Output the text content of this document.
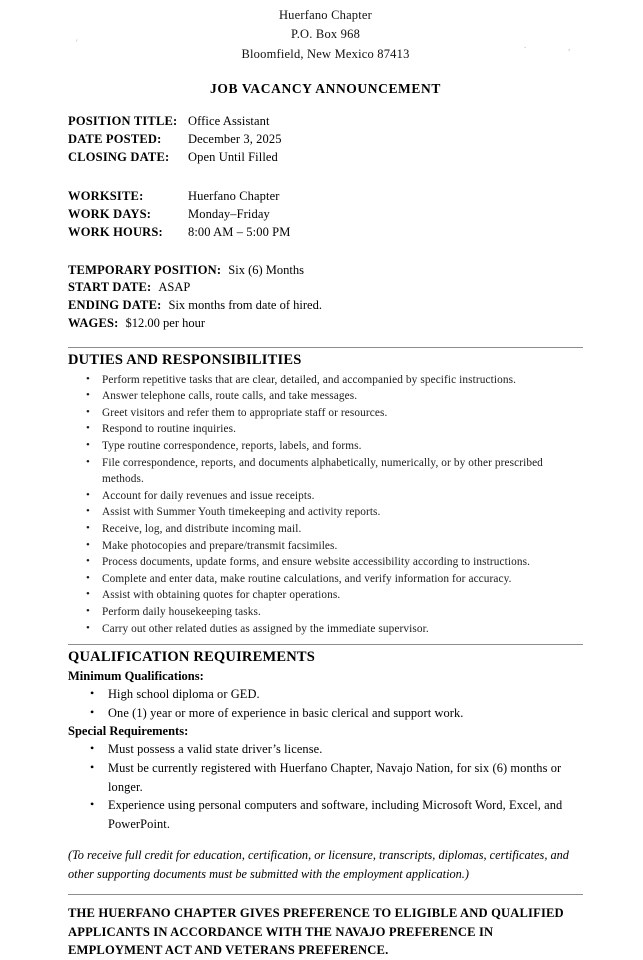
'	.	,
Huerfano Chapter
P.O. Box 968
Bloomfield, New Mexico 87413
JOB VACANCY ANNOUNCEMENT
POSITION TITLE: Office Assistant
DATE POSTED:	December 3, 2025
CLOSING DATE:	Open Until Filled
WORKSITE:	Huerfano Chapter
WORK DAYS:	Monday–Friday
WORK HOURS:	8:00 AM – 5:00 PM
TEMPORARY POSITION: Six (6) Months
START DATE: ASAP
ENDING DATE: Six months from date of hired.
WAGES: $12.00 per hour
DUTIES AND RESPONSIBILITIES
• Perform repetitive tasks that are clear, detailed, and accompanied by specific instructions.
• Answer telephone calls, route calls, and take messages.
• Greet visitors and refer them to appropriate staff or resources.
• Respond to routine inquiries.
• Type routine correspondence, reports, labels, and forms.
• File correspondence, reports, and documents alphabetically, numerically, or by other prescribed methods.
• Account for daily revenues and issue receipts.
• Assist with Summer Youth timekeeping and activity reports.
• Receive, log, and distribute incoming mail.
• Make photocopies and prepare/transmit facsimiles.
• Process documents, update forms, and ensure website accessibility according to instructions.
• Complete and enter data, make routine calculations, and verify information for accuracy.
• Assist with obtaining quotes for chapter operations.
• Perform daily housekeeping tasks.
• Carry out other related duties as assigned by the immediate supervisor.
QUALIFICATION REQUIREMENTS
Minimum Qualifications:
• High school diploma or GED.
• One (1) year or more of experience in basic clerical and support work.
Special Requirements:
• Must possess a valid state driver’s license.
• Must be currently registered with Huerfano Chapter, Navajo Nation, for six (6) months or longer.
• Experience using personal computers and software, including Microsoft Word, Excel, and PowerPoint.
(To receive full credit for education, certification, or licensure, transcripts, diplomas, certificates, and other supporting documents must be submitted with the employment application.)
THE HUERFANO CHAPTER GIVES PREFERENCE TO ELIGIBLE AND QUALIFIED APPLICANTS IN ACCORDANCE WITH THE NAVAJO PREFERENCE IN EMPLOYMENT ACT AND VETERANS PREFERENCE.
